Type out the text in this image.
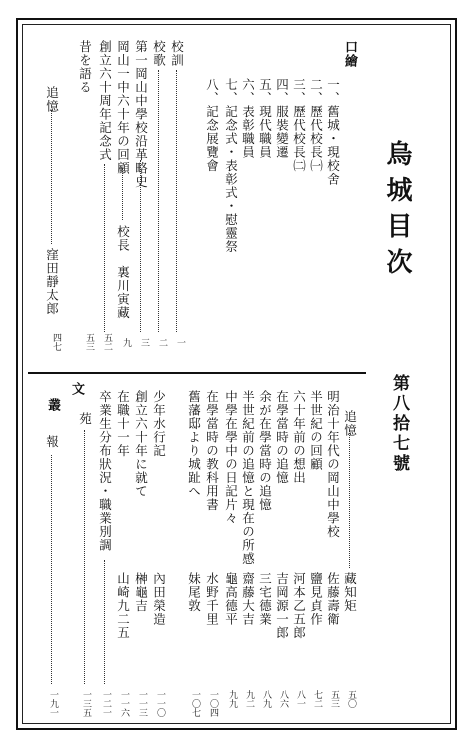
烏城目次
第八拾七號
口繪
一、舊城・現校舍
二、歷代校長㈠
三、歷代校長㈡
四、服裝變遷
五、現代職員
六、表彰職員
七、記念式・表彰式・慰靈祭
八、記念展覽會
校訓
校歌
第一岡山中學校沿革略史
岡山一中六十年の回顧
校長　裏川寅藏
創立六十周年記念式
昔を語る
追憶
窪田靜太郎
一
二
三
九
五二
五三
四七
文
叢
追憶
藏知矩
五〇
明治十年代の岡山中學校
佐藤壽衛
五三
半世紀の回顧
鹽見貞作
七二
六十年前の想出
河本乙五郎
八一
在學當時の追憶
吉岡源一郎
八六
余が在學當時の追憶
三宅德業
八九
半世紀前の追憶と現在の所感
齋藤大吉
九二
中學在學中の日記片々
龜高德平
九九
在學當時の教科用書
水野千里
一〇四
舊藩邸より城趾へ
妹尾敦
一〇七
少年水行記
內田榮造
一一〇
創立六十年に就て
榊龜吉
一一三
在職十一年
山崎九二五
一一六
卒業生分布狀況・職業別調
一二一
苑
一三五
報
一九一
